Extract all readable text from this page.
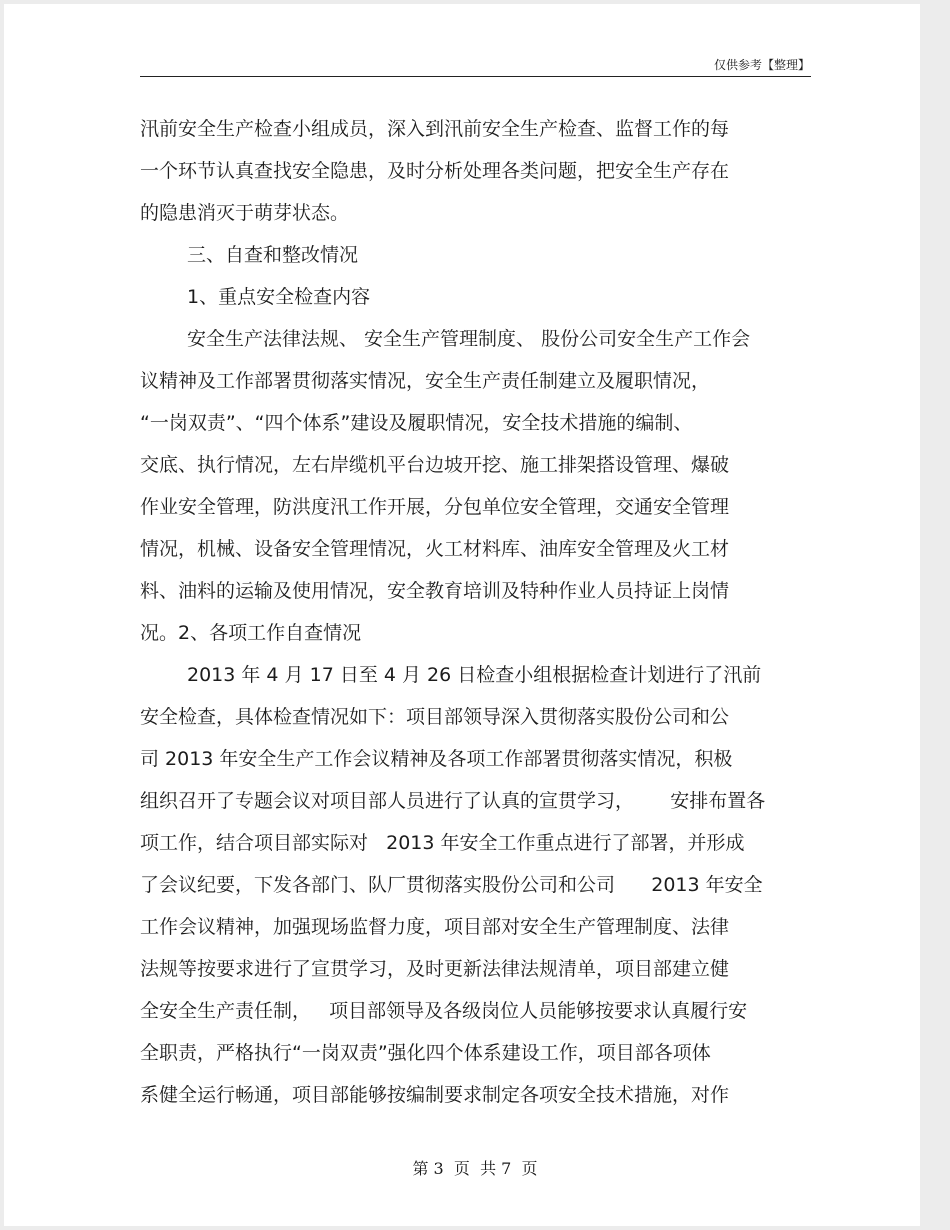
仅供参考【整理】
汛前安全生产检查小组成员，深入到汛前安全生产检查、监督工作的每
一个环节认真查找安全隐患，及时分析处理各类问题，把安全生产存在
的隐患消灭于萌芽状态。
三、自查和整改情况
1、重点安全检查内容
安全生产法律法规、 安全生产管理制度、 股份公司安全生产工作会
议精神及工作部署贯彻落实情况，安全生产责任制建立及履职情况，
“一岗双责”、“四个体系”建设及履职情况，安全技术措施的编制、
交底、执行情况，左右岸缆机平台边坡开挖、施工排架搭设管理、爆破
作业安全管理，防洪度汛工作开展，分包单位安全管理，交通安全管理
情况，机械、设备安全管理情况，火工材料库、油库安全管理及火工材
料、油料的运输及使用情况，安全教育培训及特种作业人员持证上岗情
况。2、各项工作自查情况
2013 年 4 月 17 日至 4 月 26 日检查小组根据检查计划进行了汛前
安全检查，具体检查情况如下：项目部领导深入贯彻落实股份公司和公
司 2013 年安全生产工作会议精神及各项工作部署贯彻落实情况，积极
组织召开了专题会议对项目部人员进行了认真的宣贯学习，      安排布置各
项工作，结合项目部实际对   2013 年安全工作重点进行了部署，并形成
了会议纪要，下发各部门、队厂贯彻落实股份公司和公司      2013 年安全
工作会议精神，加强现场监督力度，项目部对安全生产管理制度、法律
法规等按要求进行了宣贯学习，及时更新法律法规清单，项目部建立健
全安全生产责任制，   项目部领导及各级岗位人员能够按要求认真履行安
全职责，严格执行“一岗双责”强化四个体系建设工作，项目部各项体
系健全运行畅通，项目部能够按编制要求制定各项安全技术措施，对作
第 3  页  共 7  页
